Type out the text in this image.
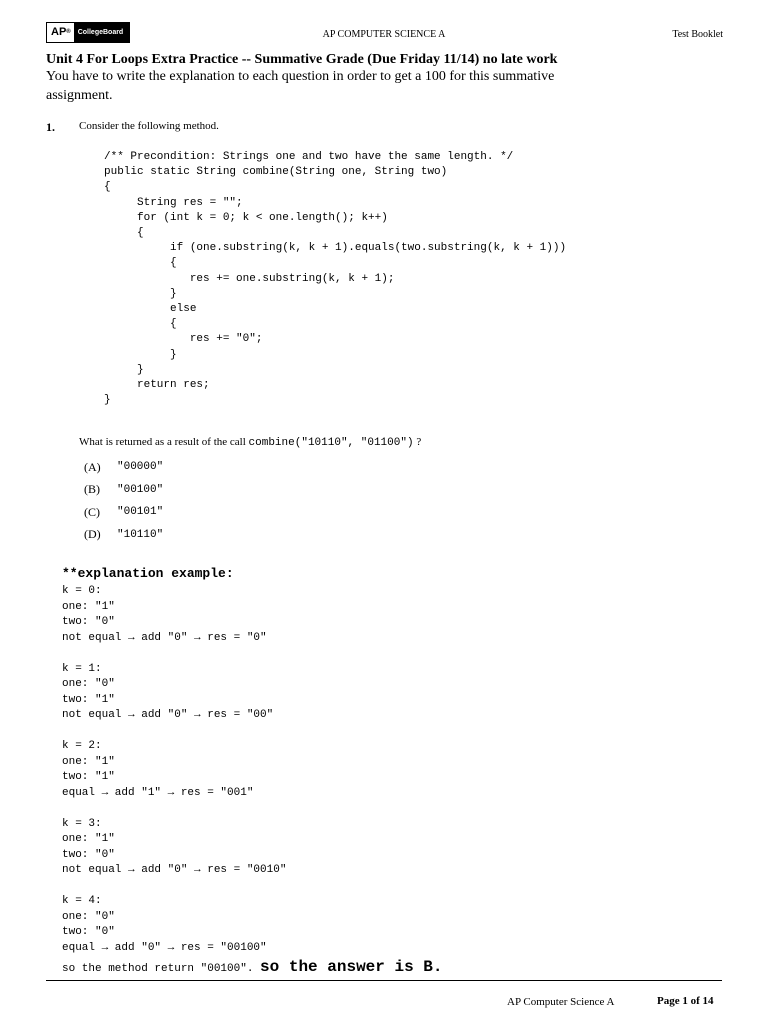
AP®	CollegeBoard	AP COMPUTER SCIENCE A	Test Booklet
Unit 4 For Loops Extra Practice -- Summative Grade (Due Friday 11/14) no late work
You have to write the explanation to each question in order to get a 100 for this summative assignment.
1. Consider the following method.
/** Precondition: Strings one and two have the same length. */
public static String combine(String one, String two)
{
String res = "";
for (int k = 0; k < one.length(); k++)
{
if (one.substring(k, k + 1).equals(two.substring(k, k + 1)))
{
res += one.substring(k, k + 1);
}
else
{
res += "0";
}
}
return res;
}
What is returned as a result of the call combine("10110", "01100") ?
(A)	"00000"
(B)	"00100"
(C)	"00101"
(D)	"10110"
**explanation example:
k = 0:
one: "1"
two: "0"
not equal → add "0" → res = "0"

k = 1:
one: "0"
two: "1"
not equal → add "0" → res = "00"

k = 2:
one: "1"
two: "1"
equal → add "1" → res = "001"

k = 3:
one: "1"
two: "0"
not equal → add "0" → res = "0010"

k = 4:
one: "0"
two: "0"
equal → add "0" → res = "00100"
so the method return "00100". so the answer is B.
AP Computer Science A	Page 1 of 14
